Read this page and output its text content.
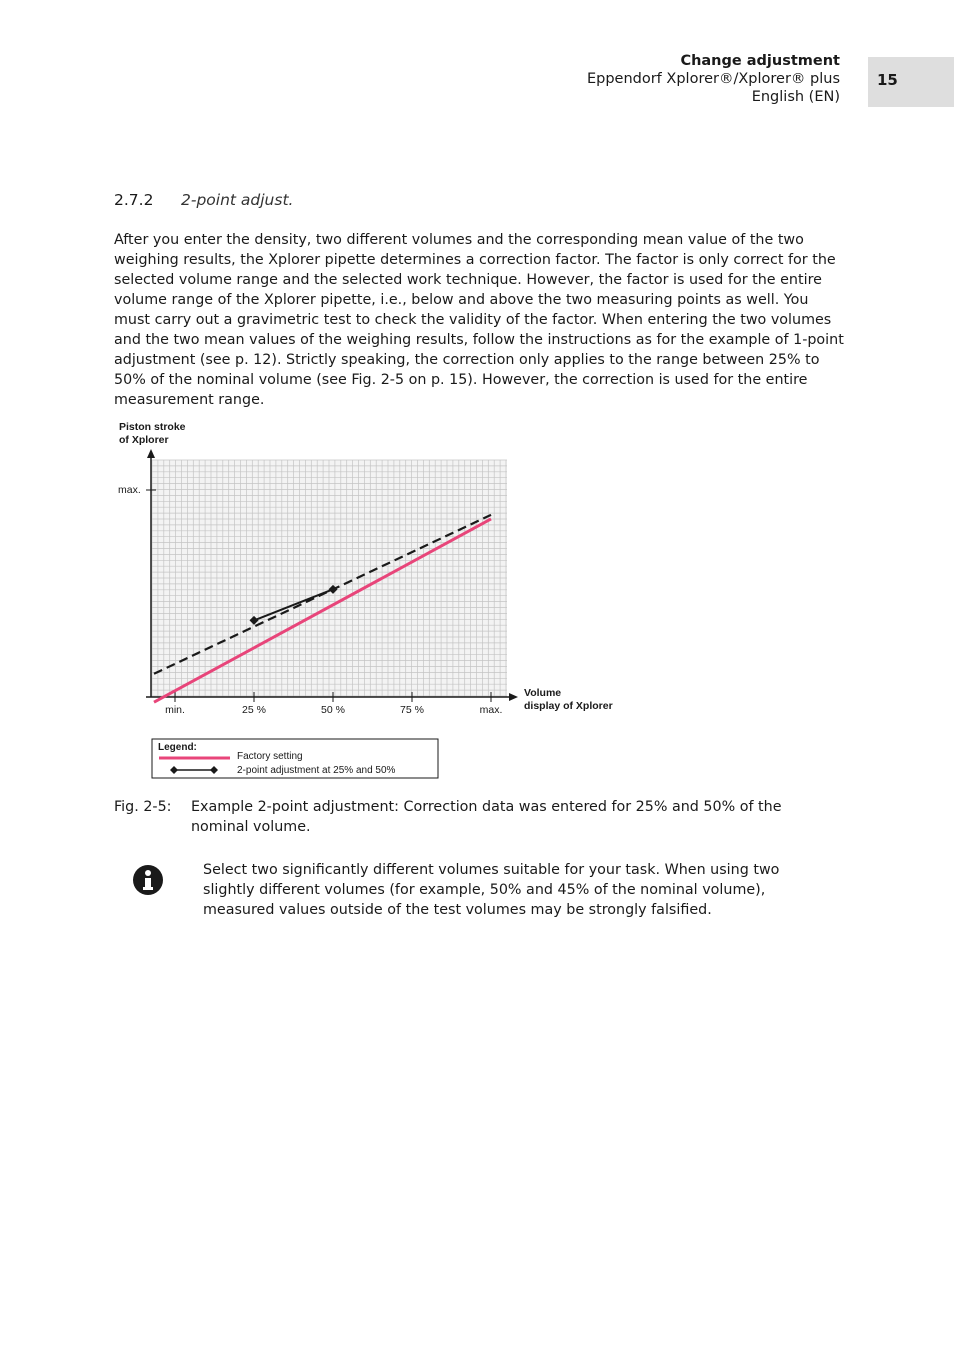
Change adjustment
Eppendorf Xplorer®/Xplorer® plus
English (EN)
15
2.7.2 2-point adjust.

After you enter the density, two different volumes and the corresponding mean value of the two weighing results, the Xplorer pipette determines a correction factor. The factor is only correct for the selected volume range and the selected work technique. However, the factor is used for the entire volume range of the Xplorer pipette, i.e., below and above the two measuring points as well. You must carry out a gravimetric test to check the validity of the factor. When entering the two volumes and the two mean values of the weighing results, follow the instructions as for the example of 1-point adjustment (see p. 12). Strictly speaking, the correction only applies to the range between 25% to 50% of the nominal volume (see Fig. 2-5 on p. 15). However, the correction is used for the entire measurement range.

min.	25 %	50 %	75 %	max.
max.
Piston stroke
of Xplorer
Volume
display of Xplorer
Legend:
Factory setting
2-point adjustment at 25% and 50%
Fig. 2-5: Example 2-point adjustment: Correction data was entered for 25% and 50% of the nominal volume.

Select two significantly different volumes suitable for your task. When using two slightly different volumes (for example, 50% and 45% of the nominal volume), measured values outside of the test volumes may be strongly falsified.
